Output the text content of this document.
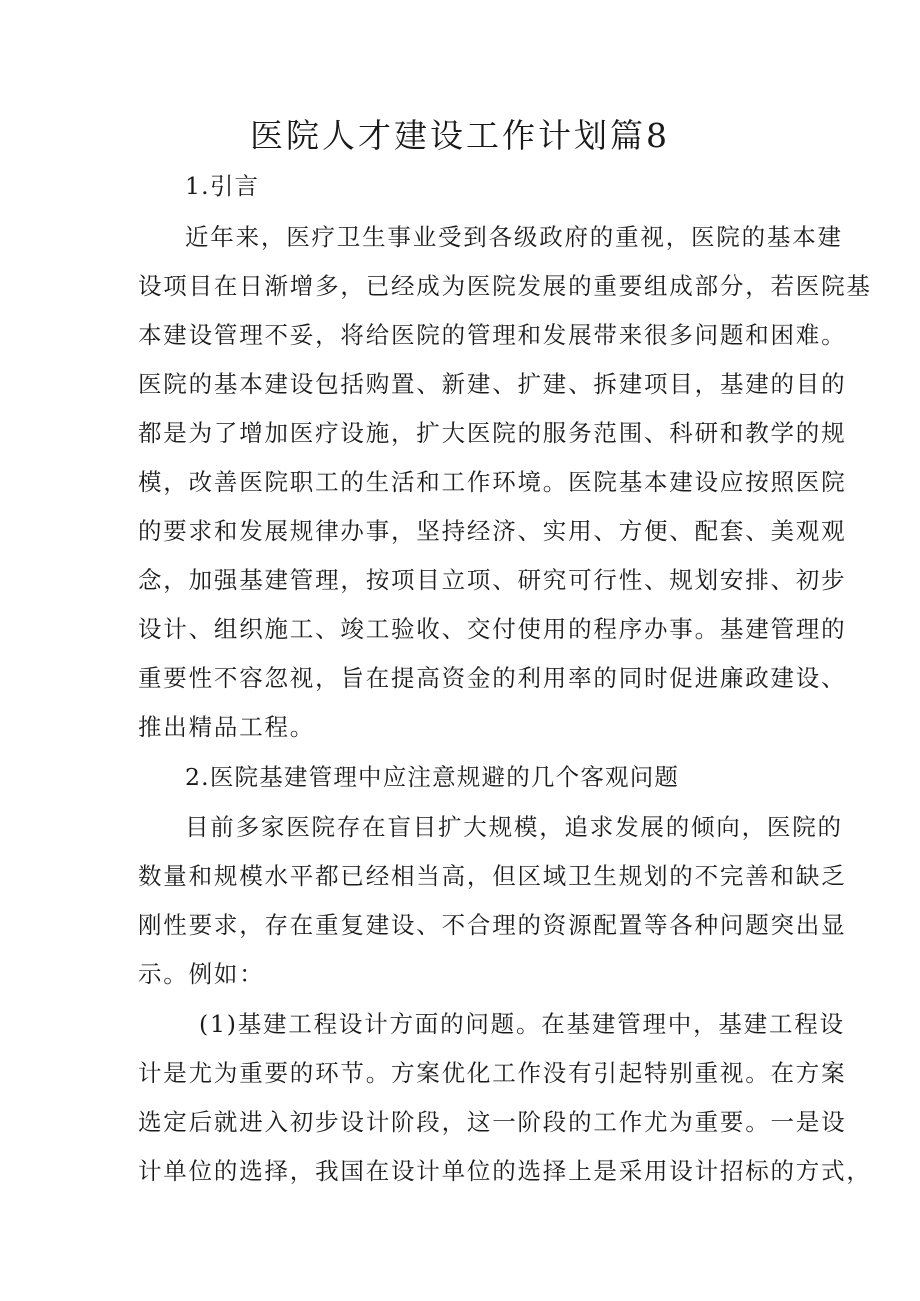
医院人才建设工作计划篇8

1.引言

近年来，医疗卫生事业受到各级政府的重视，医院的基本建

设项目在日渐增多，已经成为医院发展的重要组成部分，若医院基

本建设管理不妥，将给医院的管理和发展带来很多问题和困难。

医院的基本建设包括购置、新建、扩建、拆建项目，基建的目的

都是为了增加医疗设施，扩大医院的服务范围、科研和教学的规

模，改善医院职工的生活和工作环境。医院基本建设应按照医院

的要求和发展规律办事，坚持经济、实用、方便、配套、美观观

念，加强基建管理，按项目立项、研究可行性、规划安排、初步

设计、组织施工、竣工验收、交付使用的程序办事。基建管理的

重要性不容忽视，旨在提高资金的利用率的同时促进廉政建设、

推出精品工程。

2.医院基建管理中应注意规避的几个客观问题

目前多家医院存在盲目扩大规模，追求发展的倾向，医院的

数量和规模水平都已经相当高，但区域卫生规划的不完善和缺乏

刚性要求，存在重复建设、不合理的资源配置等各种问题突出显

示。例如：

(1)基建工程设计方面的问题。在基建管理中，基建工程设

计是尤为重要的环节。方案优化工作没有引起特别重视。在方案

选定后就进入初步设计阶段，这一阶段的工作尤为重要。一是设

计单位的选择，我国在设计单位的选择上是采用设计招标的方式，
